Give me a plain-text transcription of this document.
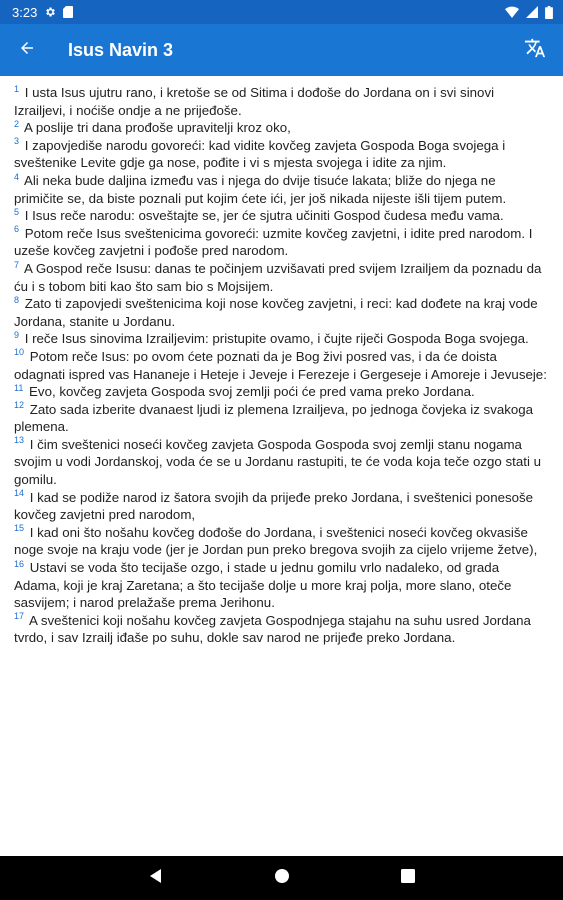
3:23
Isus Navin 3

$^1$ I usta Isus ujutru rano, i kretoše se od Sitima i dođoše do Jordana on i svi sinovi Izrailjevi, i noćiše ondje a ne prijeđoše.

$^2$ A poslije tri dana prođoše upravitelji kroz oko,

$^3$ I zapovjediše narodu govoreći: kad vidite kovčeg zavjeta Gospoda Boga svojega i sveštenike Levite gdje ga nose, pođite i vi s mjesta svojega i idite za njim.

$^4$ Ali neka bude daljina između vas i njega do dvije tisuće lakata; bliže do njega ne primičite se, da biste poznali put kojim ćete ići, jer još nikada nijeste išli tijem putem.

$^5$ I Isus reče narodu: osveštajte se, jer će sjutra učiniti Gospod čudesa među vama.

$^6$ Potom reče Isus sveštenicima govoreći: uzmite kovčeg zavjetni, i idite pred narodom. I uzeše kovčeg zavjetni i pođoše pred narodom.

$^7$ A Gospod reče Isusu: danas te počinjem uzvišavati pred svijem Izrailjem da poznadu da ću i s tobom biti kao što sam bio s Mojsijem.

$^8$ Zato ti zapovjedi sveštenicima koji nose kovčeg zavjetni, i reci: kad dođete na kraj vode Jordana, stanite u Jordanu.

$^9$ I reče Isus sinovima Izrailjevim: pristupite ovamo, i čujte riječi Gospoda Boga svojega.

$^{10}$ Potom reče Isus: po ovom ćete poznati da je Bog živi posred vas, i da će doista odagnati ispred vas Hananeje i Heteje i Jeveje i Ferezeje i Gergeseje i Amoreje i Jevuseje:

$^{11}$ Evo, kovčeg zavjeta Gospoda svoj zemlji poći će pred vama preko Jordana.

$^{12}$ Zato sada izberite dvanaest ljudi iz plemena Izrailjeva, po jednoga čovjeka iz svakoga plemena.

$^{13}$ I čim sveštenici noseći kovčeg zavjeta Gospoda Gospoda svoj zemlji stanu nogama svojim u vodi Jordanskoj, voda će se u Jordanu rastupiti, te će voda koja teče ozgo stati u gomilu.

$^{14}$ I kad se podiže narod iz šatora svojih da prijeđe preko Jordana, i sveštenici ponesoše kovčeg zavjetni pred narodom,

$^{15}$ I kad oni što nošahu kovčeg dođoše do Jordana, i sveštenici noseći kovčeg okvasiše noge svoje na kraju vode (jer je Jordan pun preko bregova svojih za cijelo vrijeme žetve),

$^{16}$ Ustavi se voda što tecijaše ozgo, i stade u jednu gomilu vrlo nadaleko, od grada Adama, koji je kraj Zaretana; a što tecijaše dolje u more kraj polja, more slano, oteče sasvijem; i narod prelažaše prema Jerihonu.

$^{17}$ A sveštenici koji nošahu kovčeg zavjeta Gospodnjega stajahu na suhu usred Jordana tvrdo, i sav Izrailj iđaše po suhu, dokle sav narod ne prijeđe preko Jordana.
